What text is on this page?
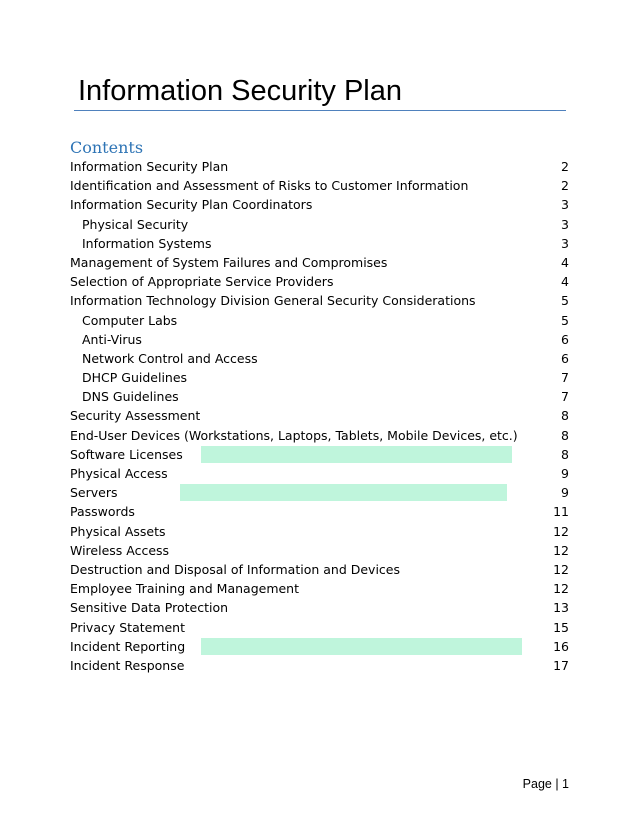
Information Security Plan
Contents
Information Security Plan	2
Identification and Assessment of Risks to Customer Information	2
Information Security Plan Coordinators	3
Physical Security	3
Information Systems	3
Management of System Failures and Compromises	4
Selection of Appropriate Service Providers	4
Information Technology Division General Security Considerations	5
Computer Labs	5
Anti-Virus	6
Network Control and Access	6
DHCP Guidelines	7
DNS Guidelines	7
Security Assessment	8
End-User Devices (Workstations, Laptops, Tablets, Mobile Devices, etc.)	8
Software Licenses	8
Physical Access	9
Servers	9
Passwords	11
Physical Assets	12
Wireless Access	12
Destruction and Disposal of Information and Devices	12
Employee Training and Management	12
Sensitive Data Protection	13
Privacy Statement	15
Incident Reporting	16
Incident Response	17
Page | 1
